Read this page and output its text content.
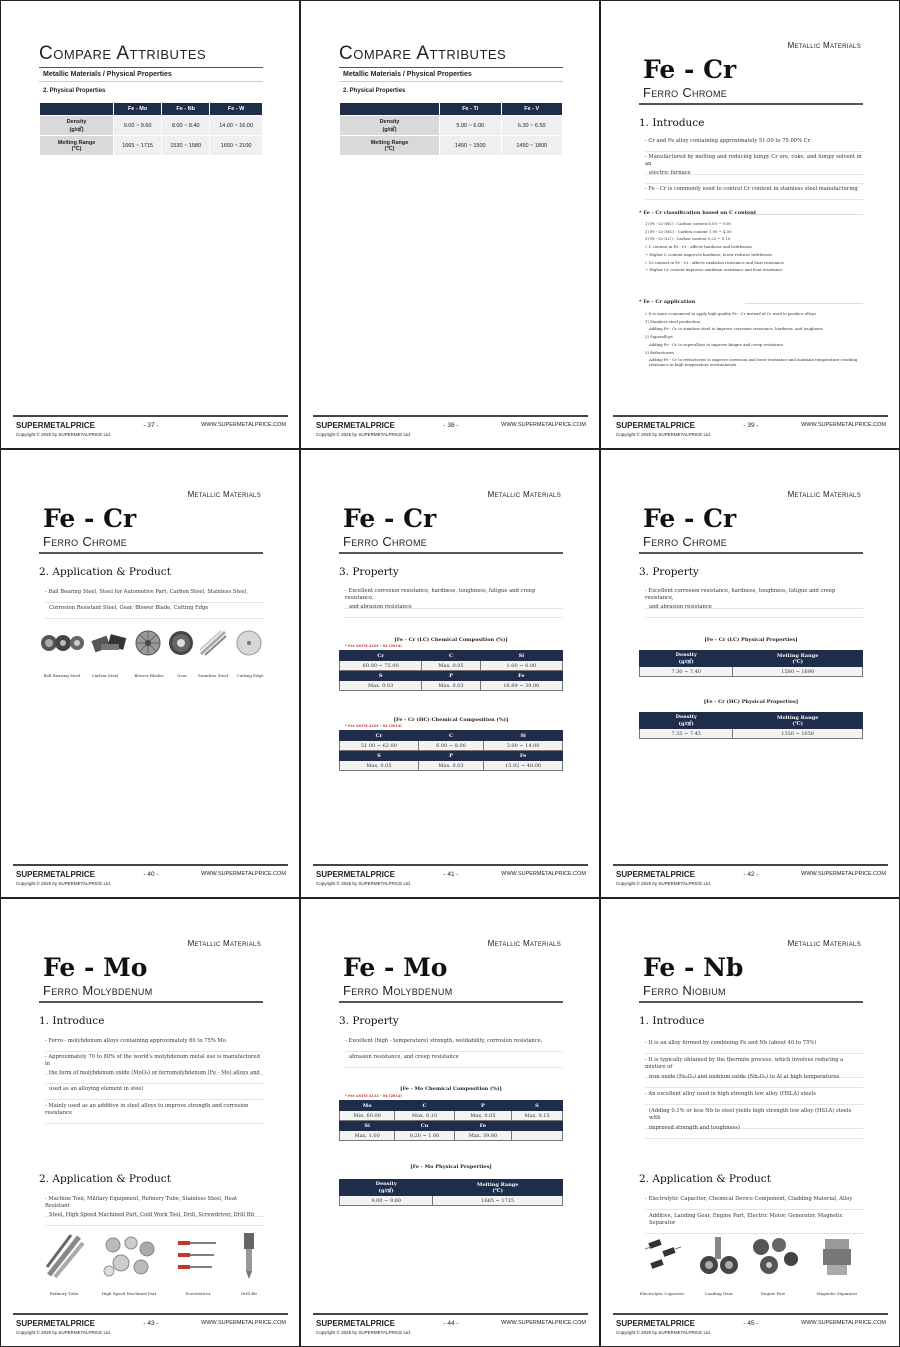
Compare Attributes
Metallic Materials / Physical Properties
2. Physical Properties
	Fe - Mo	Fe - Nb	Fe - W
Density
(g/㎤)	9.00 ~ 9.60	8.00 ~ 8.40	14.00 ~ 16.00
Melting Range
(℃)	1665 ~ 1715	1530 ~ 1580	1650 ~ 2100
SUPERMETALPRICE	- 37 -	WWW.SUPERMETALPRICE.COM
Copyright © 2025 by SUPERMETALPRICE Ltd.
Compare Attributes
Metallic Materials / Physical Properties
2. Physical Properties
	Fe - Ti	Fe - V
Density
(g/㎤)	5.00 ~ 6.00	6.30 ~ 6.50
Melting Range
(℃)	1450 ~ 1500	1450 ~ 1800
SUPERMETALPRICE	- 38 -	WWW.SUPERMETALPRICE.COM
Copyright © 2025 by SUPERMETALPRICE Ltd.
Metallic Materials
Fe - Cr
Ferro Chrome
1. Introduce
- Cr and Fe alloy containing approximately 51.00 to 75.00% Cr
- Manufactured by melting and reducing lumpy Cr ore, coke, and lumpy solvent in an
electric furnace
- Fe - Cr is commonly used to control Cr content in stainless steel manufacturing
* Fe - Cr classification based on C content
1) Fe - Cr (HC) : Carbon content 6.00 ~ 9.00
2) Fe - Cr (MC) : Carbon content 1.00 ~ 4.00
3) Fe - Cr (LC) : Carbon content 0.25 ~ 0.10
√ C content in Fe - Cr : affects hardness and brittleness
→ Higher C content improves hardness, lower reduces brittleness
√ Cr content in Fe - Cr : affects oxidation resistance and heat resistance
→ Higher Cr content improves oxidation resistance and heat resistance
* Fe - Cr application
√ It is more economical to apply high quality Fe - Cr instead of Cr used to produce alloys
1) Stainless steel production
Adding Fe - Cr to stainless steel to improve corrosion resistance, hardness, and toughness
2) Superalloys
Adding Fe - Cr to superalloys to improve fatigue and creep resistance
3) Refractories
Adding Fe - Cr to refractories to improve corrosion and wear resistance and maintain temperature cracking
resistance in high temperature environments
SUPERMETALPRICE	- 39 -	WWW.SUPERMETALPRICE.COM
Copyright © 2025 by SUPERMETALPRICE Ltd.
Metallic Materials
Fe - Cr
Ferro Chrome
2. Application & Product
- Ball Bearing Steel, Steel for Automotive Part, Carbon Steel, Stainless Steel,
Corrosion Resistant Steel, Gear, Blower Blade, Cutting Edge
Ball Bearing Steel	Carbon Steel	Blower Blades	Gear	Stainless Steel	Cutting Edge
SUPERMETALPRICE	- 40 -	WWW.SUPERMETALPRICE.COM
Copyright © 2025 by SUPERMETALPRICE Ltd.
Metallic Materials
Fe - Cr
Ferro Chrome
3. Property
- Excellent corrosion resistance, hardness, toughness, fatigue and creep resistance,
and abrasion resistance
[Fe - Cr (LC) Chemical Composition (%)]
* Per ASTM A101 - 04 (2014)
Cr	C	Si
60.00 ~ 75.00	Max. 0.05	1.00 ~ 8.00
S	P	Fe
Max. 0.03	Max. 0.03	16.89 ~ 39.00
[Fe - Cr (HC) Chemical Composition (%)]
* Per ASTM A101 - 04 (2014)
Cr	C	Si
51.00 ~ 62.00	6.00 ~ 8.00	3.00 ~ 14.00
S	P	Fe
Max. 0.05	Max. 0.03	15.92 ~ 40.00
SUPERMETALPRICE	- 41 -	WWW.SUPERMETALPRICE.COM
Copyright © 2025 by SUPERMETALPRICE Ltd.
Metallic Materials
Fe - Cr
Ferro Chrome
3. Property
- Excellent corrosion resistance, hardness, toughness, fatigue and creep resistance,
and abrasion resistance
[Fe - Cr (LC) Physical Properties]
Density
(g/㎤)	Melting Range
(℃)
7.30 ~ 7.40	1580 ~ 1690
[Fe - Cr (HC) Physical Properties]
Density
(g/㎤)	Melting Range
(℃)
7.35 ~ 7.45	1350 ~ 1650
SUPERMETALPRICE	- 42 -	WWW.SUPERMETALPRICE.COM
Copyright © 2025 by SUPERMETALPRICE Ltd.
Metallic Materials
Fe - Mo
Ferro Molybdenum
1. Introduce
- Ferro - molybdenum alloys containing approximately 60 to 75% Mo
- Approximately 70 to 80% of the world's molybdenum metal use is manufactured in
the form of molybdenum oxide (MoO₃) or ferromolybdenum (Fe - Mo) alloys and
used as an alloying element in steel
- Mainly used as an additive in steel alloys to improve strength and corrosion resistance
2. Application & Product
- Machine Tool, Military Equipment, Refinery Tube, Stainless Steel, Heat Resistant
Steel, High Speed Machined Part, Cold Work Tool, Drill, Screwdriver, Drill Bit
Refinery Tube	High Speed Machined Part	Screwdriver	Drill Bit
SUPERMETALPRICE	- 43 -	WWW.SUPERMETALPRICE.COM
Copyright © 2025 by SUPERMETALPRICE Ltd.
Metallic Materials
Fe - Mo
Ferro Molybdenum
3. Property
- Excellent (high - temperature) strength, weldability, corrosion resistance,
abrasion resistance, and creep resistance
[Fe - Mo Chemical Composition (%)]
* Per ASTM A132 - 04 (2014)
Mo	C	P	S
Min. 60.00	Max. 0.10	Max. 0.05	Max. 0.15
Si	Cu	Fe	
Max. 1.00	0.20 ~ 1.00	Max. 39.80	
[Fe - Mo Physical Properties]
Density
(g/㎤)	Melting Range
(℃)
9.00 ~ 9.60	1665 ~ 1715
SUPERMETALPRICE	- 44 -	WWW.SUPERMETALPRICE.COM
Copyright © 2025 by SUPERMETALPRICE Ltd.
Metallic Materials
Fe - Nb
Ferro Niobium
1. Introduce
- It is an alloy formed by combining Fe and Nb (about 40 to 75%)
- It is typically obtained by the thermite process, which involves reducing a mixture of
iron oxide (Fe₂O₃) and niobium oxide (Nb₂O₅) to Al at high temperatures
- An excellent alloy used in high strength low alloy (HSLA) steels
(Adding 0.1% or less Nb to steel yields high strength low alloy (HSLA) steels with
improved strength and toughness)
2. Application & Product
- Electrolytic Capacitor, Chemical Device Component, Cladding Material, Alloy
Additive, Landing Gear, Engine Part, Electric Motor, Generator, Magnetic Separator
Electrolytic Capacitor	Landing Gear	Engine Part	Magnetic Separator
SUPERMETALPRICE	- 45 -	WWW.SUPERMETALPRICE.COM
Copyright © 2025 by SUPERMETALPRICE Ltd.
